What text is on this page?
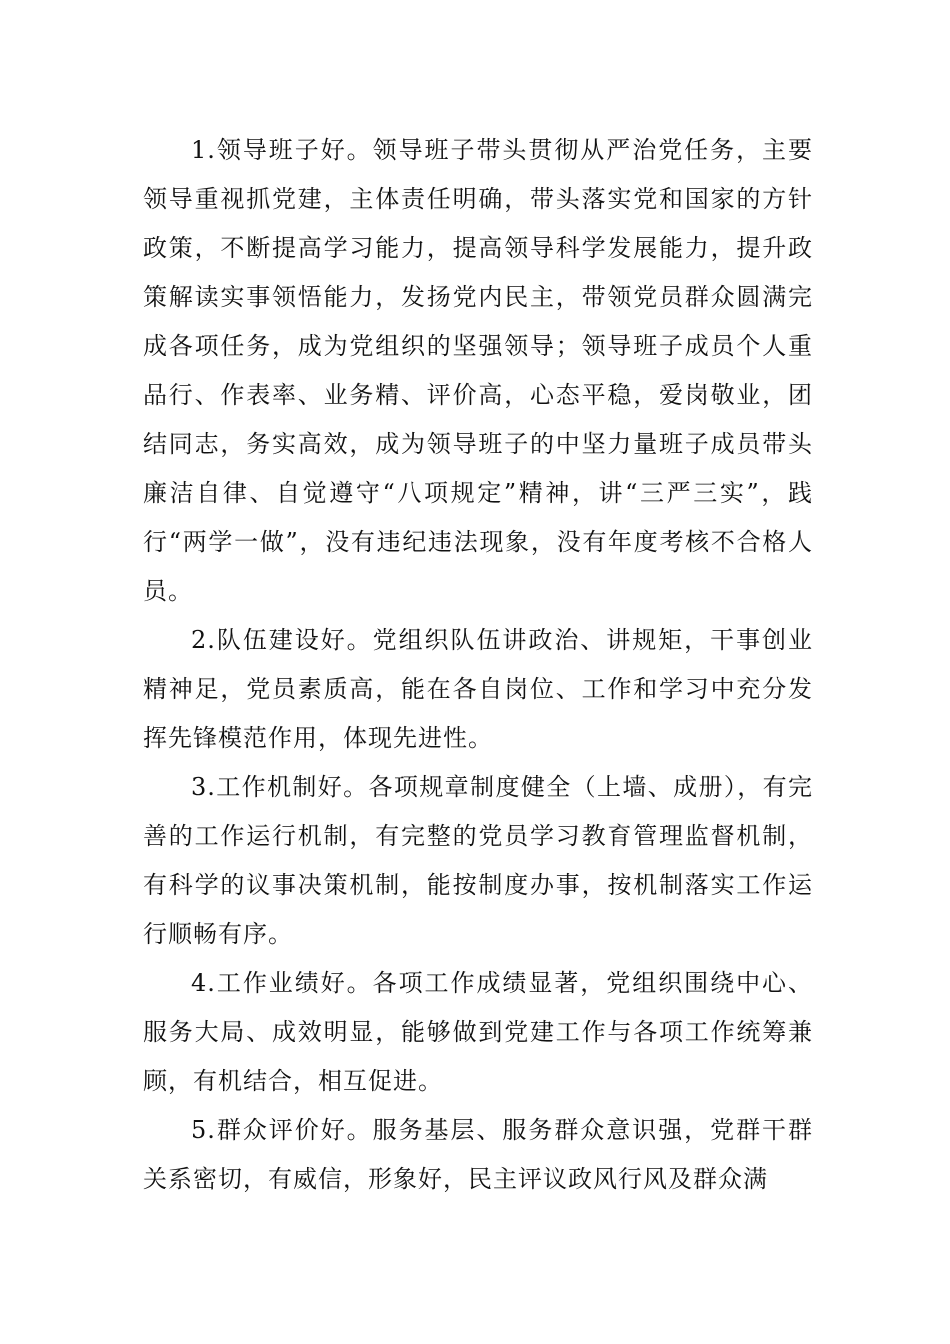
1.领导班子好。领导班子带头贯彻从严治党任务，主要领导重视抓党建，主体责任明确，带头落实党和国家的方针政策，不断提高学习能力，提高领导科学发展能力，提升政策解读实事领悟能力，发扬党内民主，带领党员群众圆满完成各项任务，成为党组织的坚强领导；领导班子成员个人重品行、作表率、业务精、评价高，心态平稳，爱岗敬业，团结同志，务实高效，成为领导班子的中坚力量班子成员带头廉洁自律、自觉遵守“八项规定”精神，讲“三严三实”，践行“两学一做”，没有违纪违法现象，没有年度考核不合格人员。

2.队伍建设好。党组织队伍讲政治、讲规矩，干事创业精神足，党员素质高，能在各自岗位、工作和学习中充分发挥先锋模范作用，体现先进性。

3.工作机制好。各项规章制度健全（上墙、成册），有完善的工作运行机制，有完整的党员学习教育管理监督机制，有科学的议事决策机制，能按制度办事，按机制落实工作运行顺畅有序。

4.工作业绩好。各项工作成绩显著，党组织围绕中心、服务大局、成效明显，能够做到党建工作与各项工作统筹兼顾，有机结合，相互促进。

5.群众评价好。服务基层、服务群众意识强，党群干群关系密切，有威信，形象好，民主评议政风行风及群众满
